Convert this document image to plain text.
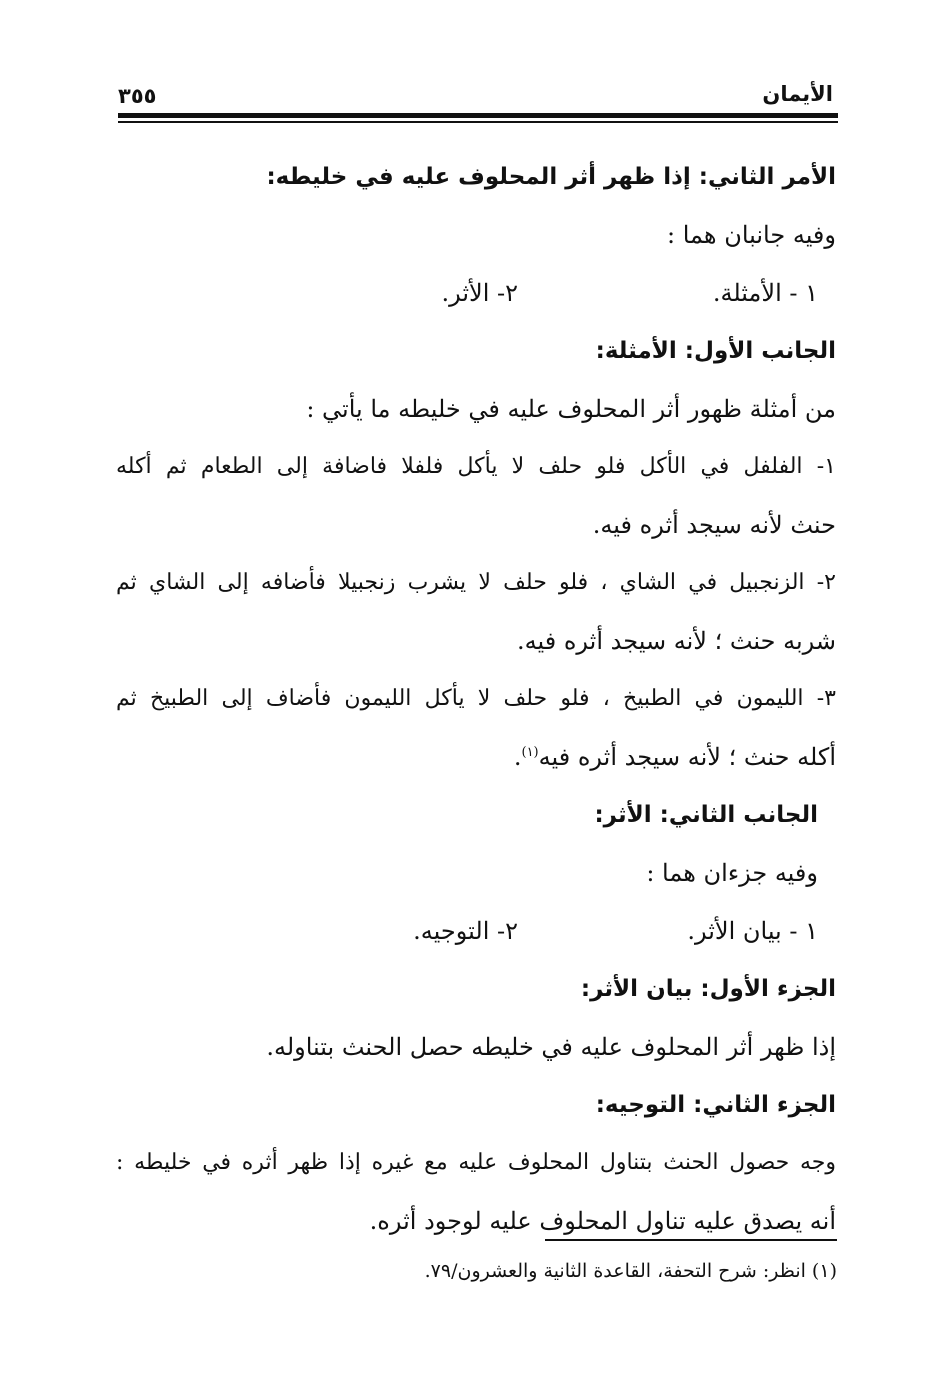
الأيمان
٣٥٥
الأمر الثاني: إذا ظهر أثر المحلوف عليه في خليطه:
وفيه جانبان هما :
١ - الأمثلة.
٢- الأثر.
الجانب الأول: الأمثلة:
من أمثلة ظهور أثر المحلوف عليه في خليطه ما يأتي :
١- الفلفل في الأكل فلو حلف لا يأكل فلفلا فاضافة إلى الطعام ثم أكله
حنث لأنه سيجد أثره فيه.
٢- الزنجبيل في الشاي ، فلو حلف لا يشرب زنجبيلا فأضافه إلى الشاي ثم
شربه حنث ؛ لأنه سيجد أثره فيه.
٣- الليمون في الطبيخ ، فلو حلف لا يأكل الليمون فأضاف إلى الطبيخ ثم
أكله حنث ؛ لأنه سيجد أثره فيه$^{(١)}$.
الجانب الثاني: الأثر:
وفيه جزءان هما :
١ - بيان الأثر.
٢- التوجيه.
الجزء الأول: بيان الأثر:
إذا ظهر أثر المحلوف عليه في خليطه حصل الحنث بتناوله.
الجزء الثاني: التوجيه:
وجه حصول الحنث بتناول المحلوف عليه مع غيره إذا ظهر أثره في خليطه :
أنه يصدق عليه تناول المحلوف عليه لوجود أثره.
(١) انظر: شرح التحفة، القاعدة الثانية والعشرون/٧٩.
